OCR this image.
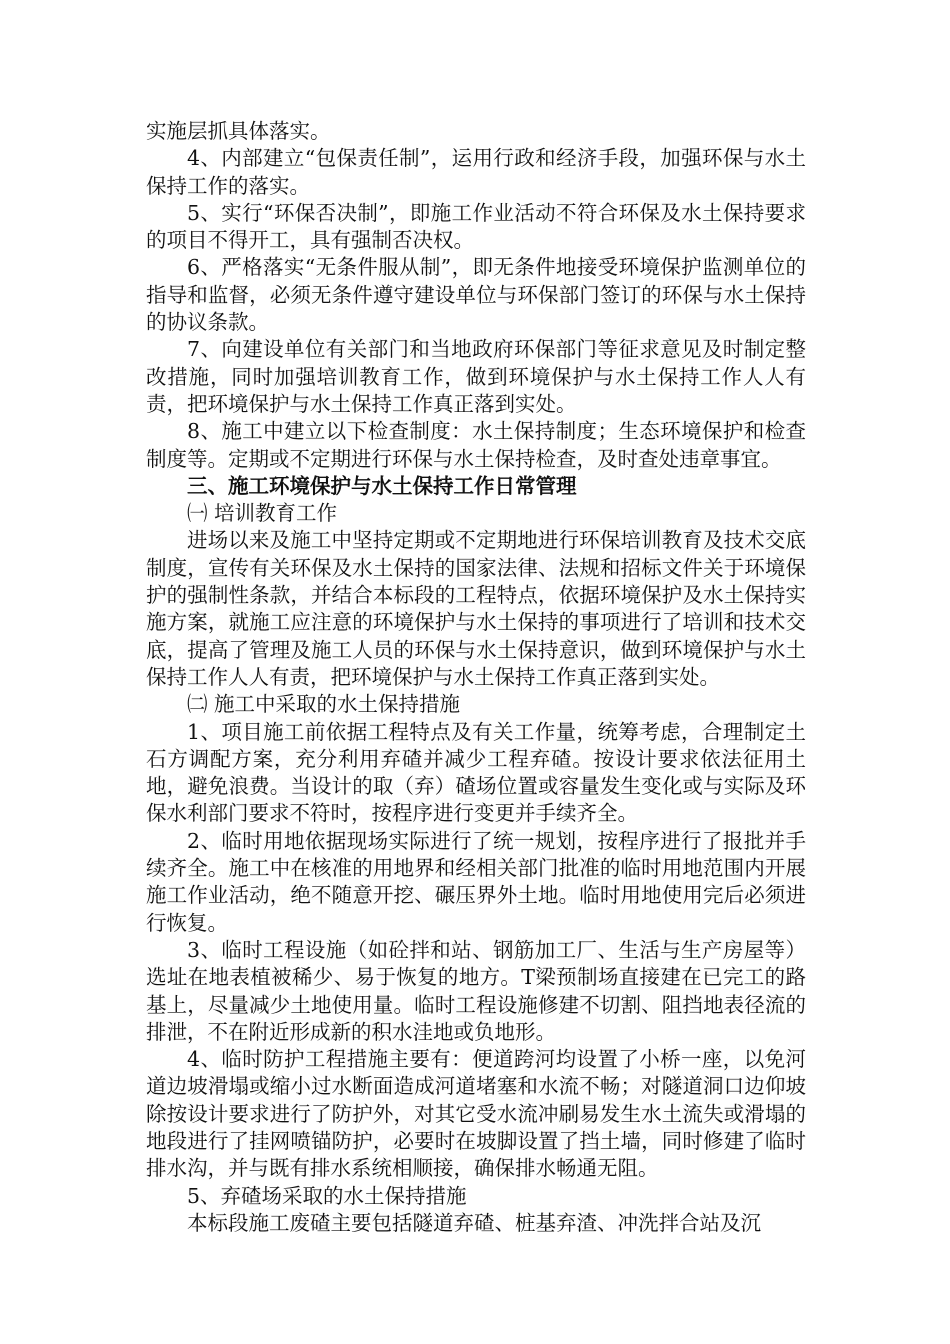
实施层抓具体落实。

4、内部建立“包保责任制”，运用行政和经济手段，加强环保与水土保持工作的落实。

5、实行“环保否决制”，即施工作业活动不符合环保及水土保持要求的项目不得开工，具有强制否决权。

6、严格落实“无条件服从制”，即无条件地接受环境保护监测单位的指导和监督，必须无条件遵守建设单位与环保部门签订的环保与水土保持的协议条款。

7、向建设单位有关部门和当地政府环保部门等征求意见及时制定整改措施，同时加强培训教育工作，做到环境保护与水土保持工作人人有责，把环境保护与水土保持工作真正落到实处。

8、施工中建立以下检查制度：水土保持制度；生态环境保护和检查制度等。定期或不定期进行环保与水土保持检查，及时查处违章事宜。

三、施工环境保护与水土保持工作日常管理

㈠ 培训教育工作

进场以来及施工中坚持定期或不定期地进行环保培训教育及技术交底制度，宣传有关环保及水土保持的国家法律、法规和招标文件关于环境保护的强制性条款，并结合本标段的工程特点，依据环境保护及水土保持实施方案，就施工应注意的环境保护与水土保持的事项进行了培训和技术交底，提高了管理及施工人员的环保与水土保持意识，做到环境保护与水土保持工作人人有责，把环境保护与水土保持工作真正落到实处。

㈡ 施工中采取的水土保持措施

1、项目施工前依据工程特点及有关工作量，统筹考虑，合理制定土石方调配方案，充分利用弃碴并减少工程弃碴。按设计要求依法征用土地，避免浪费。当设计的取（弃）碴场位置或容量发生变化或与实际及环保水利部门要求不符时，按程序进行变更并手续齐全。

2、临时用地依据现场实际进行了统一规划，按程序进行了报批并手续齐全。施工中在核准的用地界和经相关部门批准的临时用地范围内开展施工作业活动，绝不随意开挖、碾压界外土地。临时用地使用完后必须进行恢复。

3、临时工程设施（如砼拌和站、钢筋加工厂、生活与生产房屋等）选址在地表植被稀少、易于恢复的地方。T梁预制场直接建在已完工的路基上，尽量减少土地使用量。临时工程设施修建不切割、阻挡地表径流的排泄，不在附近形成新的积水洼地或负地形。

4、临时防护工程措施主要有：便道跨河均设置了小桥一座，以免河道边坡滑塌或缩小过水断面造成河道堵塞和水流不畅；对隧道洞口边仰坡除按设计要求进行了防护外，对其它受水流冲刷易发生水土流失或滑塌的地段进行了挂网喷锚防护，必要时在坡脚设置了挡土墙，同时修建了临时排水沟，并与既有排水系统相顺接，确保排水畅通无阻。

5、弃碴场采取的水土保持措施

本标段施工废碴主要包括隧道弃碴、桩基弃渣、冲洗拌合站及沉
